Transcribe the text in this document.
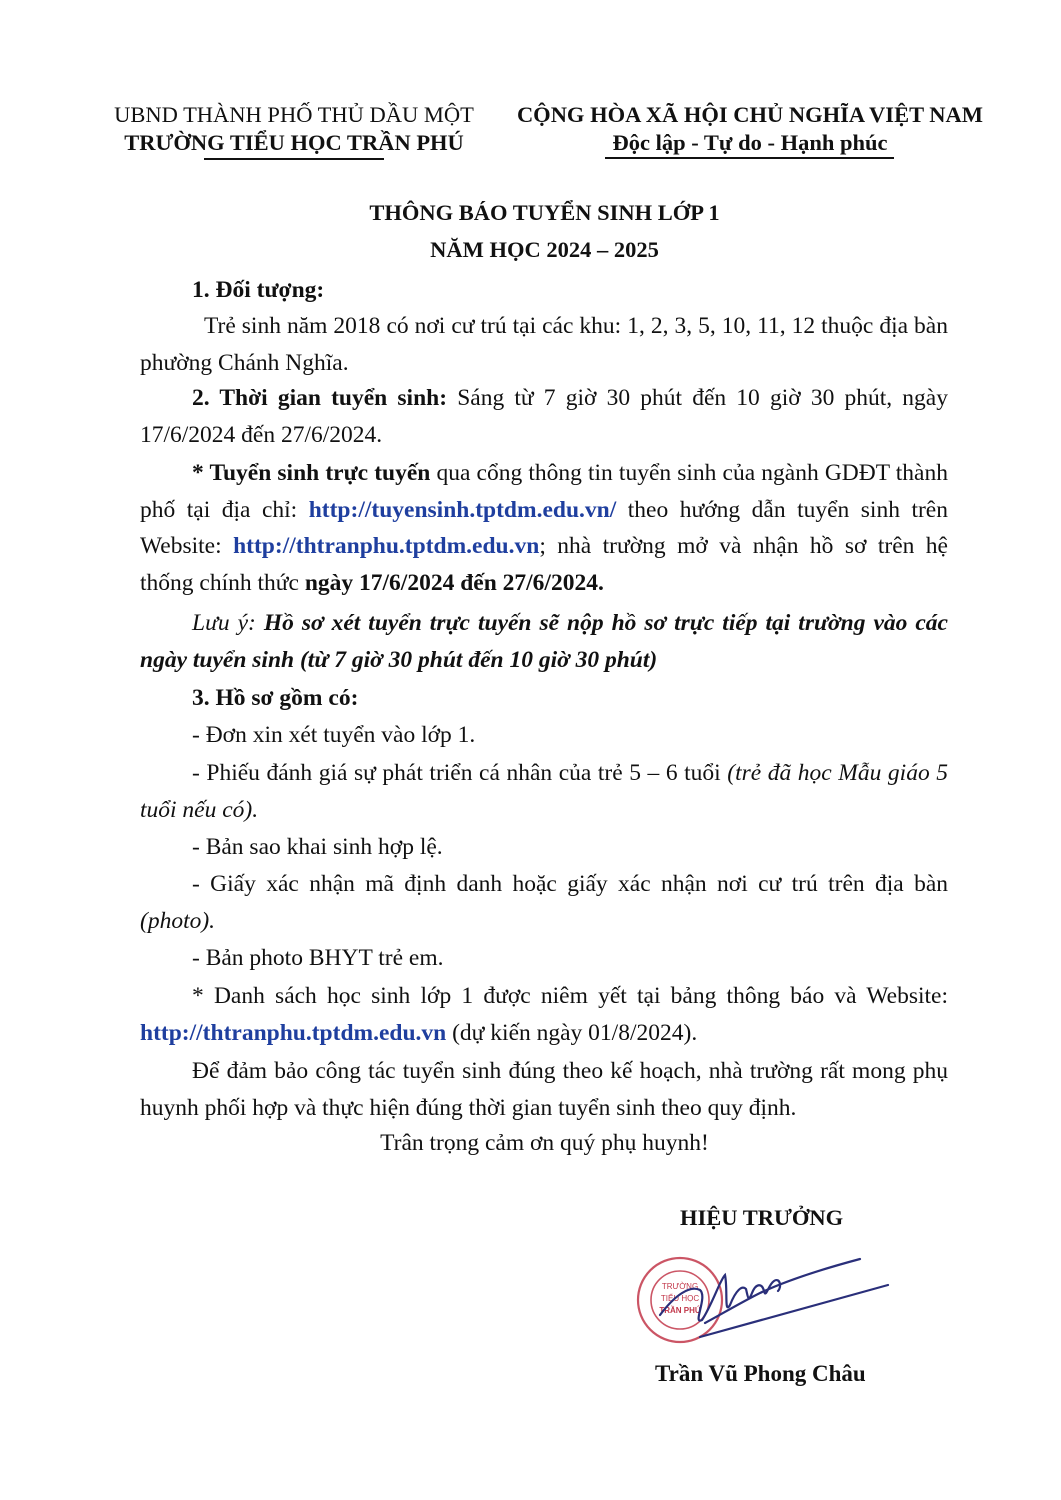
UBND THÀNH PHỐ THỦ DẦU MỘT
TRƯỜNG TIỂU HỌC TRẦN PHÚ
CỘNG HÒA XÃ HỘI CHỦ NGHĨA VIỆT NAM
Độc lập - Tự do - Hạnh phúc
THÔNG BÁO TUYỂN SINH LỚP 1
NĂM HỌC 2024 – 2025
1. Đối tượng:
Trẻ sinh năm 2018 có nơi cư trú tại các khu: 1, 2, 3, 5, 10, 11, 12 thuộc địa bàn phường Chánh Nghĩa.
2. Thời gian tuyển sinh: Sáng từ 7 giờ 30 phút đến 10 giờ 30 phút, ngày 17/6/2024 đến 27/6/2024.
* Tuyển sinh trực tuyến qua cổng thông tin tuyển sinh của ngành GDĐT thành phố tại địa chỉ: http://tuyensinh.tptdm.edu.vn/ theo hướng dẫn tuyển sinh trên Website: http://thtranphu.tptdm.edu.vn; nhà trường mở và nhận hồ sơ trên hệ thống chính thức ngày 17/6/2024 đến 27/6/2024.
Lưu ý: Hồ sơ xét tuyển trực tuyến sẽ nộp hồ sơ trực tiếp tại trường vào các ngày tuyển sinh (từ 7 giờ 30 phút đến 10 giờ 30 phút)
3. Hồ sơ gồm có:
- Đơn xin xét tuyển vào lớp 1.
- Phiếu đánh giá sự phát triển cá nhân của trẻ 5 – 6 tuổi (trẻ đã học Mẫu giáo 5 tuổi nếu có).
- Bản sao khai sinh hợp lệ.
- Giấy xác nhận mã định danh hoặc giấy xác nhận nơi cư trú trên địa bàn (photo).
- Bản photo BHYT trẻ em.
* Danh sách học sinh lớp 1 được niêm yết tại bảng thông báo và Website: http://thtranphu.tptdm.edu.vn (dự kiến ngày 01/8/2024).
Để đảm bảo công tác tuyển sinh đúng theo kế hoạch, nhà trường rất mong phụ huynh phối hợp và thực hiện đúng thời gian tuyển sinh theo quy định.
Trân trọng cảm ơn quý phụ huynh!
HIỆU TRƯỞNG
TRƯỜNG
TIỂU HỌC
TRẦN PHÚ
Trần Vũ Phong Châu
